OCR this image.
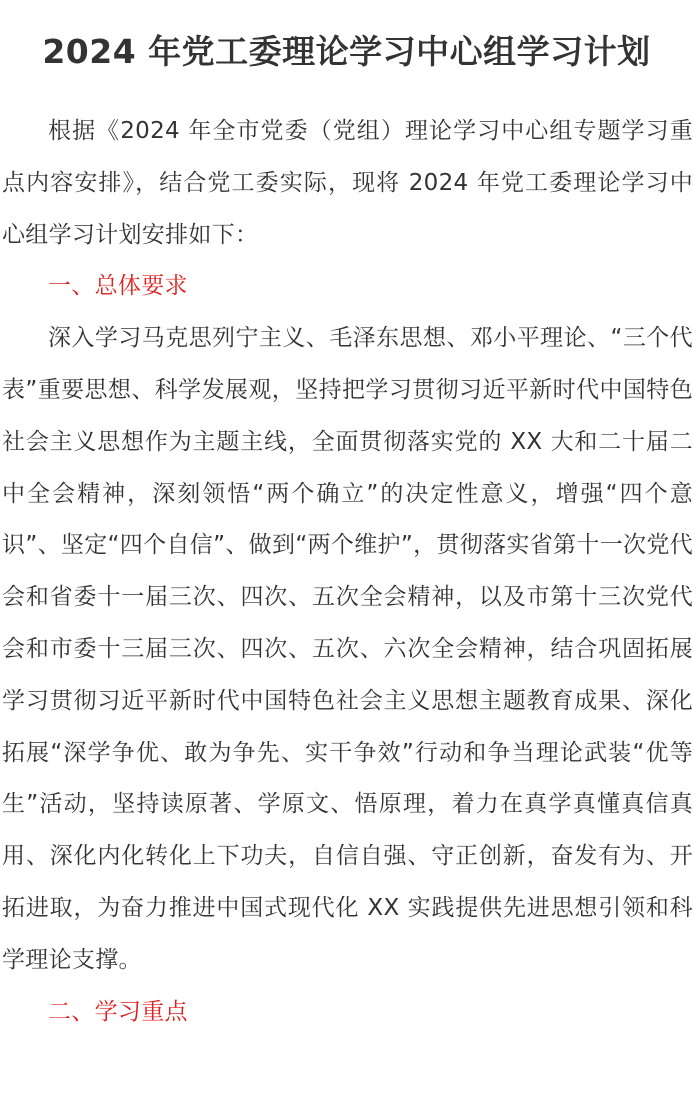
2024 年党工委理论学习中心组学习计划

根据《2024 年全市党委（党组）理论学习中心组专题学习重点内容安排》，结合党工委实际，现将 2024 年党工委理论学习中心组学习计划安排如下：

一、总体要求

深入学习马克思列宁主义、毛泽东思想、邓小平理论、“三个代表”重要思想、科学发展观，坚持把学习贯彻习近平新时代中国特色社会主义思想作为主题主线，全面贯彻落实党的 XX 大和二十届二中全会精神，深刻领悟“两个确立”的决定性意义，增强“四个意识”、坚定“四个自信”、做到“两个维护”，贯彻落实省第十一次党代会和省委十一届三次、四次、五次全会精神，以及市第十三次党代会和市委十三届三次、四次、五次、六次全会精神，结合巩固拓展学习贯彻习近平新时代中国特色社会主义思想主题教育成果、深化拓展“深学争优、敢为争先、实干争效”行动和争当理论武装“优等生”活动，坚持读原著、学原文、悟原理，着力在真学真懂真信真用、深化内化转化上下功夫，自信自强、守正创新，奋发有为、开拓进取，为奋力推进中国式现代化 XX 实践提供先进思想引领和科学理论支撑。

二、学习重点
